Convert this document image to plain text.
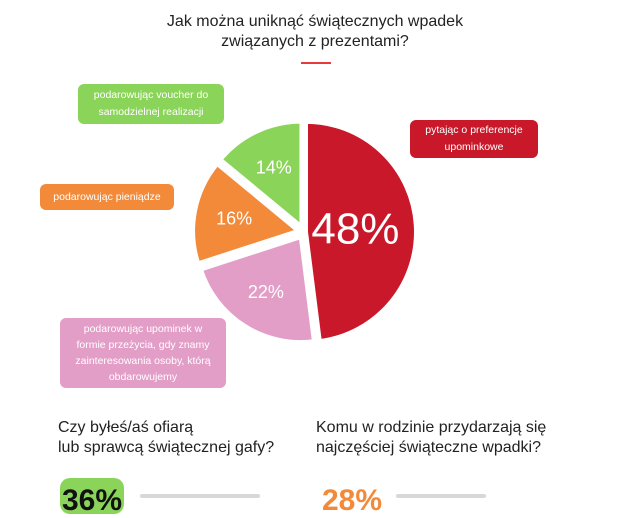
Jak można uniknąć świątecznych wpadek
związanych z prezentami?
48%
22%
16%
14%
pytając o preferencje upominkowe
podarowując voucher do samodzielnej realizacji
podarowując pieniądze
podarowując upominek w formie przeżycia, gdy znamy zainteresowania osoby, którą obdarowujemy
Czy byłeś/aś ofiarą
lub sprawcą świątecznej gafy?
Komu w rodzinie przydarzają się
najczęściej świąteczne wpadki?
36%	28%
